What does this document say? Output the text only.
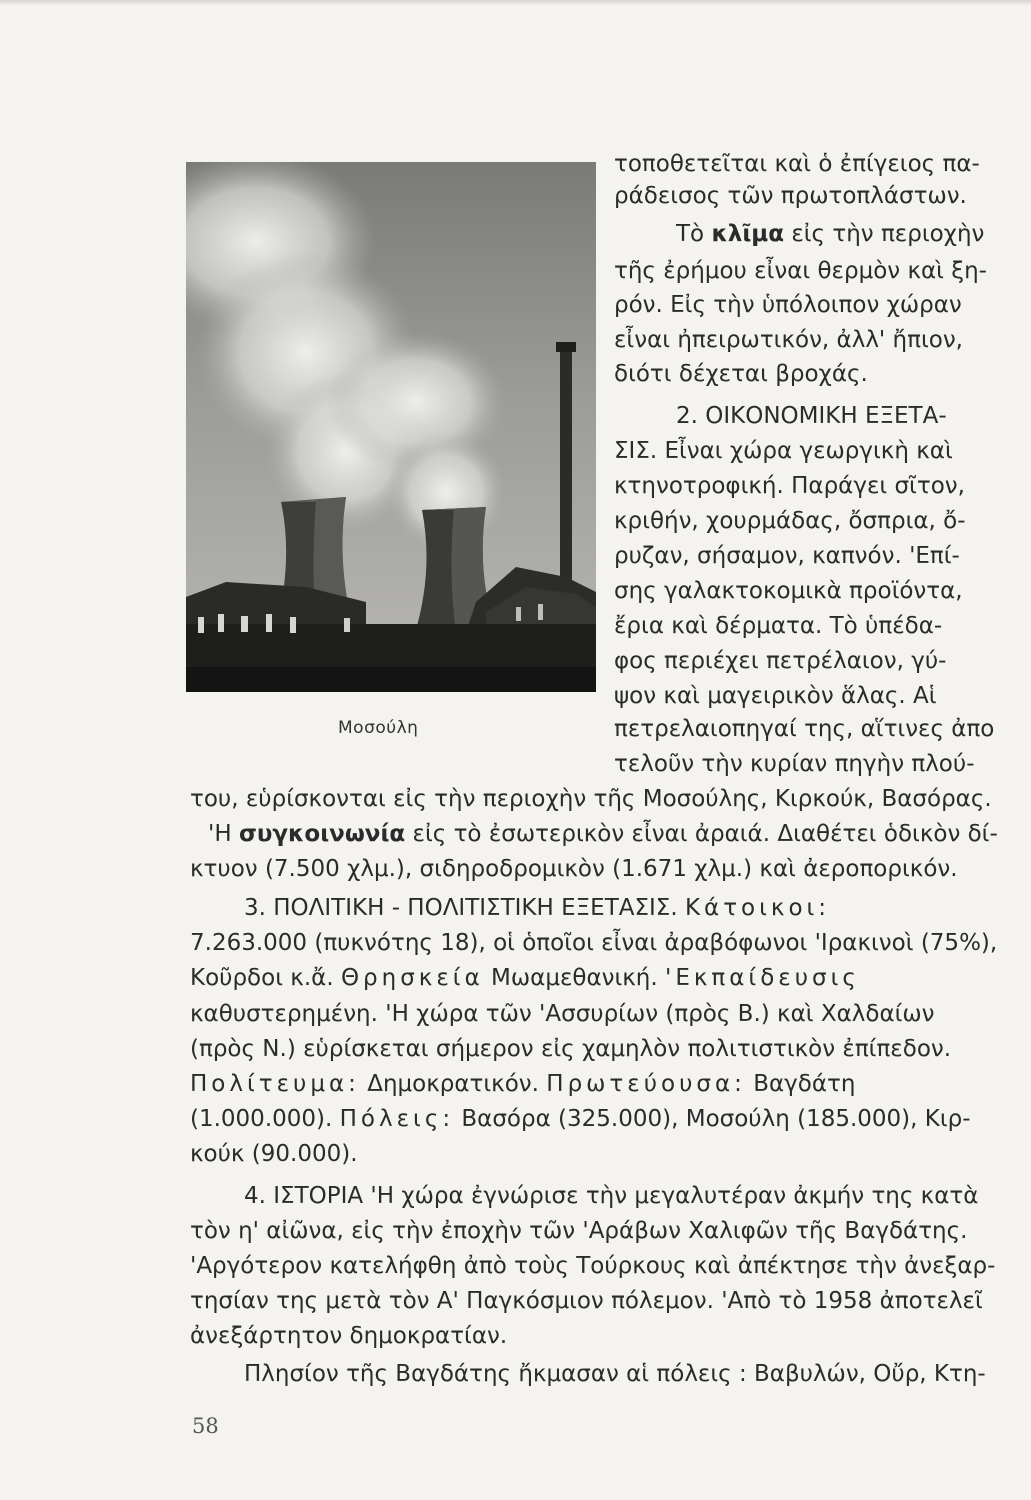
Μοσούλη
τοποθετεῖται καὶ ὁ ἐπίγειος πα-
ράδεισος τῶν πρωτοπλάστων.
Τὸ κλῖμα εἰς τὴν περιοχὴν
τῆς ἐρήμου εἶναι θερμὸν καὶ ξη-
ρόν. Εἰς τὴν ὑπόλοιπον χώραν
εἶναι ἠπειρωτικόν, ἀλλ' ἤπιον,
διότι δέχεται βροχάς.
2. ΟΙΚΟΝΟΜΙΚΗ ΕΞΕΤΑ-
ΣΙΣ. Εἶναι χώρα γεωργικὴ καὶ
κτηνοτροφική. Παράγει σῖτον,
κριθήν, χουρμάδας, ὄσπρια, ὄ-
ρυζαν, σήσαμον, καπνόν. 'Επί-
σης γαλακτοκομικὰ προϊόντα,
ἔρια καὶ δέρματα. Τὸ ὑπέδα-
φος περιέχει πετρέλαιον, γύ-
ψον καὶ μαγειρικὸν ἅλας. Αἱ
πετρελαιοπηγαί της, αἵτινες ἀπο
τελοῦν τὴν κυρίαν πηγὴν πλού-
του, εὑρίσκονται εἰς τὴν περιοχὴν τῆς Μοσούλης, Κιρκούκ, Βασόρας.
'Η συγκοινωνία εἰς τὸ ἐσωτερικὸν εἶναι ἀραιά. Διαθέτει ὁδικὸν δί-
κτυον (7.500 χλμ.), σιδηροδρομικὸν (1.671 χλμ.) καὶ ἀεροπορικόν.
3. ΠΟΛΙΤΙΚΗ - ΠΟΛΙΤΙΣΤΙΚΗ ΕΞΕΤΑΣΙΣ. Κάτοικοι:
7.263.000 (πυκνότης 18), οἱ ὁποῖοι εἶναι ἀραβόφωνοι 'Ιρακινοὶ (75%),
Κοῦρδοι κ.ἄ. Θρησκεία Μωαμεθανική. 'Εκπαίδευσις
καθυστερημένη. 'Η χώρα τῶν 'Ασσυρίων (πρὸς Β.) καὶ Χαλδαίων
(πρὸς Ν.) εὑρίσκεται σήμερον εἰς χαμηλὸν πολιτιστικὸν ἐπίπεδον.
Πολίτευμα: Δημοκρατικόν. Πρωτεύουσα: Βαγδάτη
(1.000.000). Πόλεις: Βασόρα (325.000), Μοσούλη (185.000), Κιρ-
κούκ (90.000).
4. ΙΣΤΟΡΙΑ 'Η χώρα ἐγνώρισε τὴν μεγαλυτέραν ἀκμήν της κατὰ
τὸν η' αἰῶνα, εἰς τὴν ἐποχὴν τῶν 'Αράβων Χαλιφῶν τῆς Βαγδάτης.
'Αργότερον κατελήφθη ἀπὸ τοὺς Τούρκους καὶ ἀπέκτησε τὴν ἀνεξαρ-
τησίαν της μετὰ τὸν Α' Παγκόσμιον πόλεμον. 'Απὸ τὸ 1958 ἀποτελεῖ
ἀνεξάρτητον δημοκρατίαν.
Πλησίον τῆς Βαγδάτης ἤκμασαν αἱ πόλεις : Βαβυλών, Οὔρ, Κτη-
58
